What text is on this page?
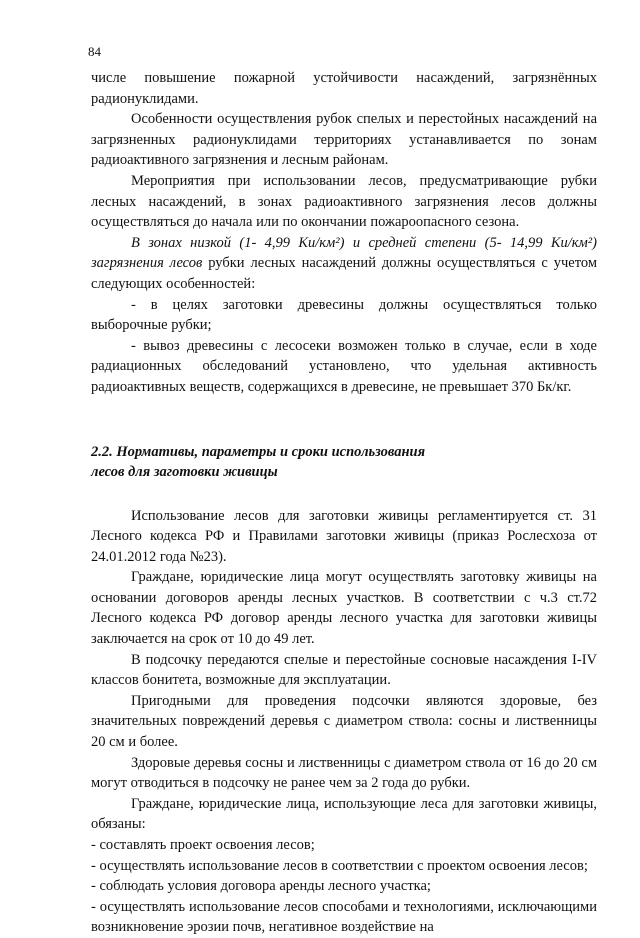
84

числе повышение пожарной устойчивости насаждений, загрязнённых радионуклидами.

Особенности осуществления рубок спелых и перестойных насаждений на загрязненных радионуклидами территориях устанавливается по зонам радиоактивного загрязнения и лесным районам.

Мероприятия при использовании лесов, предусматривающие рубки лесных насаждений, в зонах радиоактивного загрязнения лесов должны осуществляться до начала или по окончании пожароопасного сезона.

В зонах низкой (1- 4,99 Ки/км²) и средней степени (5- 14,99 Ки/км²) загрязнения лесов рубки лесных насаждений должны осуществляться с учетом следующих особенностей:

- в целях заготовки древесины должны осуществляться только выборочные рубки;

- вывоз древесины с лесосеки возможен только в случае, если в ходе радиационных обследований установлено, что удельная активность радиоактивных веществ, содержащихся в древесине, не превышает 370 Бк/кг.

2.2. Нормативы, параметры и сроки использования

лесов для заготовки живицы

Использование лесов для заготовки живицы регламентируется ст. 31 Лесного кодекса РФ и Правилами заготовки живицы (приказ Рослесхоза от 24.01.2012 года №23).

Граждане, юридические лица могут осуществлять заготовку живицы на основании договоров аренды лесных участков. В соответствии с ч.3 ст.72 Лесного кодекса РФ договор аренды лесного участка для заготовки живицы заключается на срок от 10 до 49 лет.

В подсочку передаются спелые и перестойные сосновые насаждения I-IV классов бонитета, возможные для эксплуатации.

Пригодными для проведения подсочки являются здоровые, без значительных повреждений деревья с диаметром ствола: сосны и лиственницы 20 см и более.

Здоровые деревья сосны и лиственницы с диаметром ствола от 16 до 20 см могут отводиться в подсочку не ранее чем за 2 года до рубки.

Граждане, юридические лица, использующие леса для заготовки живицы, обязаны:

- составлять проект освоения лесов;

- осуществлять использование лесов в соответствии с проектом освоения лесов;

- соблюдать условия договора аренды лесного участка;

- осуществлять использование лесов способами и технологиями, исключающими возникновение эрозии почв, негативное воздействие на
